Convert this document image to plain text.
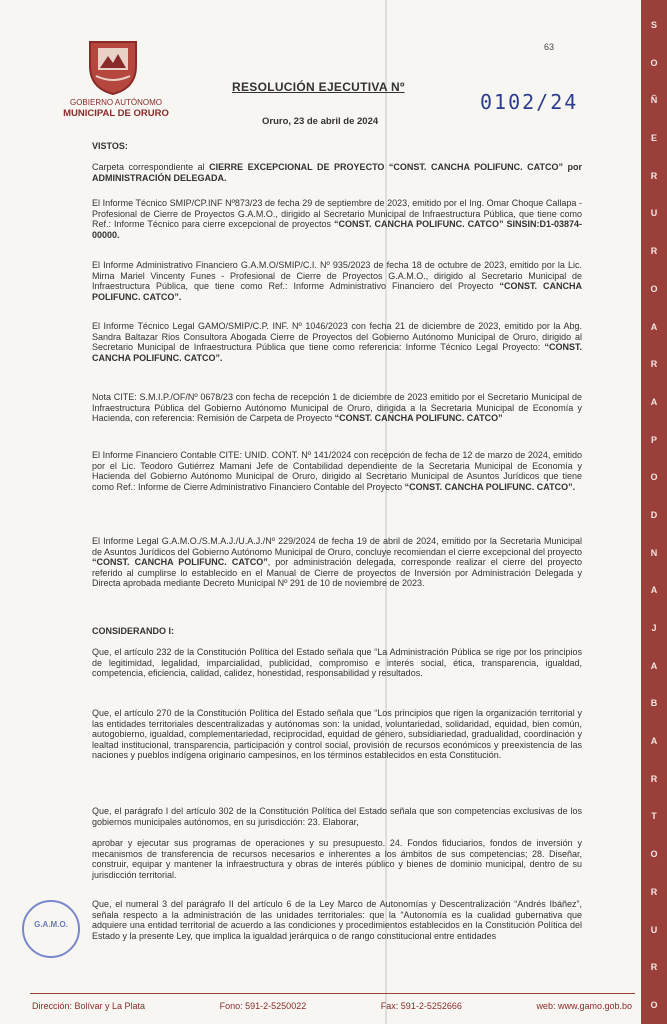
GOBIERNO AUTÓNOMO
MUNICIPAL DE ORURO
63
RESOLUCIÓN EJECUTIVA Nº
0102/24
Oruro, 23 de abril de 2024
VISTOS:
Carpeta correspondiente al CIERRE EXCEPCIONAL DE PROYECTO “CONST. CANCHA POLIFUNC. CATCO” por ADMINISTRACIÓN DELEGADA.
El Informe Técnico SMIP/CP.INF Nº873/23 de fecha 29 de septiembre de 2023, emitido por el Ing. Omar Choque Callapa - Profesional de Cierre de Proyectos G.A.M.O., dirigido al Secretario Municipal de Infraestructura Pública, que tiene como Ref.: Informe Técnico para cierre excepcional de proyectos “CONST. CANCHA POLIFUNC. CATCO” SINSIN:D1-03874-00000.
El Informe Administrativo Financiero G.A.M.O/SMIP/C.I. Nº 935/2023 de fecha 18 de octubre de 2023, emitido por la Lic. Mirna Mariel Vincenty Funes - Profesional de Cierre de Proyectos G.A.M.O., dirigido al Secretario Municipal de Infraestructura Pública, que tiene como Ref.: Informe Administrativo Financiero del Proyecto “CONST. CANCHA POLIFUNC. CATCO”.
El Informe Técnico Legal GAMO/SMIP/C.P. INF. Nº 1046/2023 con fecha 21 de diciembre de 2023, emitido por la Abg. Sandra Baltazar Rios Consultora Abogada Cierre de Proyectos del Gobierno Autónomo Municipal de Oruro, dirigido al Secretario Municipal de Infraestructura Pública que tiene como referencia: Informe Técnico Legal Proyecto: “CONST. CANCHA POLIFUNC. CATCO”.
Nota CITE: S.M.I.P./OF/Nº 0678/23 con fecha de recepción 1 de diciembre de 2023 emitido por el Secretario Municipal de Infraestructura Pública del Gobierno Autónomo Municipal de Oruro, dirigida a la Secretaria Municipal de Economía y Hacienda, con referencia: Remisión de Carpeta de Proyecto “CONST. CANCHA POLIFUNC. CATCO”
El Informe Financiero Contable CITE: UNID. CONT. Nº 141/2024 con recepción de fecha de 12 de marzo de 2024, emitido por el Lic. Teodoro Gutiérrez Mamani Jefe de Contabilidad dependiente de la Secretaria Municipal de Economía y Hacienda del Gobierno Autónomo Municipal de Oruro, dirigido al Secretario Municipal de Asuntos Jurídicos que tiene como Ref.: Informe de Cierre Administrativo Financiero Contable del Proyecto “CONST. CANCHA POLIFUNC. CATCO”.
El Informe Legal G.A.M.O./S.M.A.J./U.A.J./Nº 229/2024 de fecha 19 de abril de 2024, emitido por la Secretaria Municipal de Asuntos Jurídicos del Gobierno Autónomo Municipal de Oruro, concluye recomiendan el cierre excepcional del proyecto “CONST. CANCHA POLIFUNC. CATCO”, por administración delegada, corresponde realizar el cierre del proyecto referido al cumplirse lo establecido en el Manual de Cierre de proyectos de Inversión por Administración Delegada y Directa aprobada mediante Decreto Municipal Nº 291 de 10 de noviembre de 2023.
CONSIDERANDO I:
Que, el artículo 232 de la Constitución Política del Estado señala que “La Administración Pública se rige por los principios de legitimidad, legalidad, imparcialidad, publicidad, compromiso e interés social, ética, transparencia, igualdad, competencia, eficiencia, calidad, calidez, honestidad, responsabilidad y resultados.
Que, el artículo 270 de la Constitución Política del Estado señala que “Los principios que rigen la organización territorial y las entidades territoriales descentralizadas y autónomas son: la unidad, voluntariedad, solidaridad, equidad, bien común, autogobierno, igualdad, complementariedad, reciprocidad, equidad de género, subsidiariedad, gradualidad, coordinación y lealtad institucional, transparencia, participación y control social, provisión de recursos económicos y preexistencia de las naciones y pueblos indígena originario campesinos, en los términos establecidos en esta Constitución.
Que, el parágrafo I del artículo 302 de la Constitución Política del Estado señala que son competencias exclusivas de los gobiernos municipales autónomos, en su jurisdicción: 23. Elaborar,
aprobar y ejecutar sus programas de operaciones y su presupuesto. 24. Fondos fiduciarios, fondos de inversión y mecanismos de transferencia de recursos necesarios e inherentes a los ámbitos de sus competencias; 28. Diseñar, construir, equipar y mantener la infraestructura y obras de interés público y bienes de dominio municipal, dentro de su jurisdicción territorial.
Que, el numeral 3 del parágrafo II del artículo 6 de la Ley Marco de Autonomías y Descentralización “Andrés Ibáñez”, señala respecto a la administración de las unidades territoriales: que la “Autonomía es la cualidad gubernativa que adquiere una entidad territorial de acuerdo a las condiciones y procedimientos establecidos en la Constitución Política del Estado y la presente Ley, que implica la igualdad jerárquica o de rango constitucional entre entidades
G.A.M.O.
Dirección: Bolívar y La Plata	Fono: 591-2-5250022	Fax: 591-2-5252666	web: www.gamo.gob.bo
S
O
Ñ
E
R
U
R
O
A
R
A
P
O
D
N
A
J
A
B
A
R
T
O
R
U
R
O
